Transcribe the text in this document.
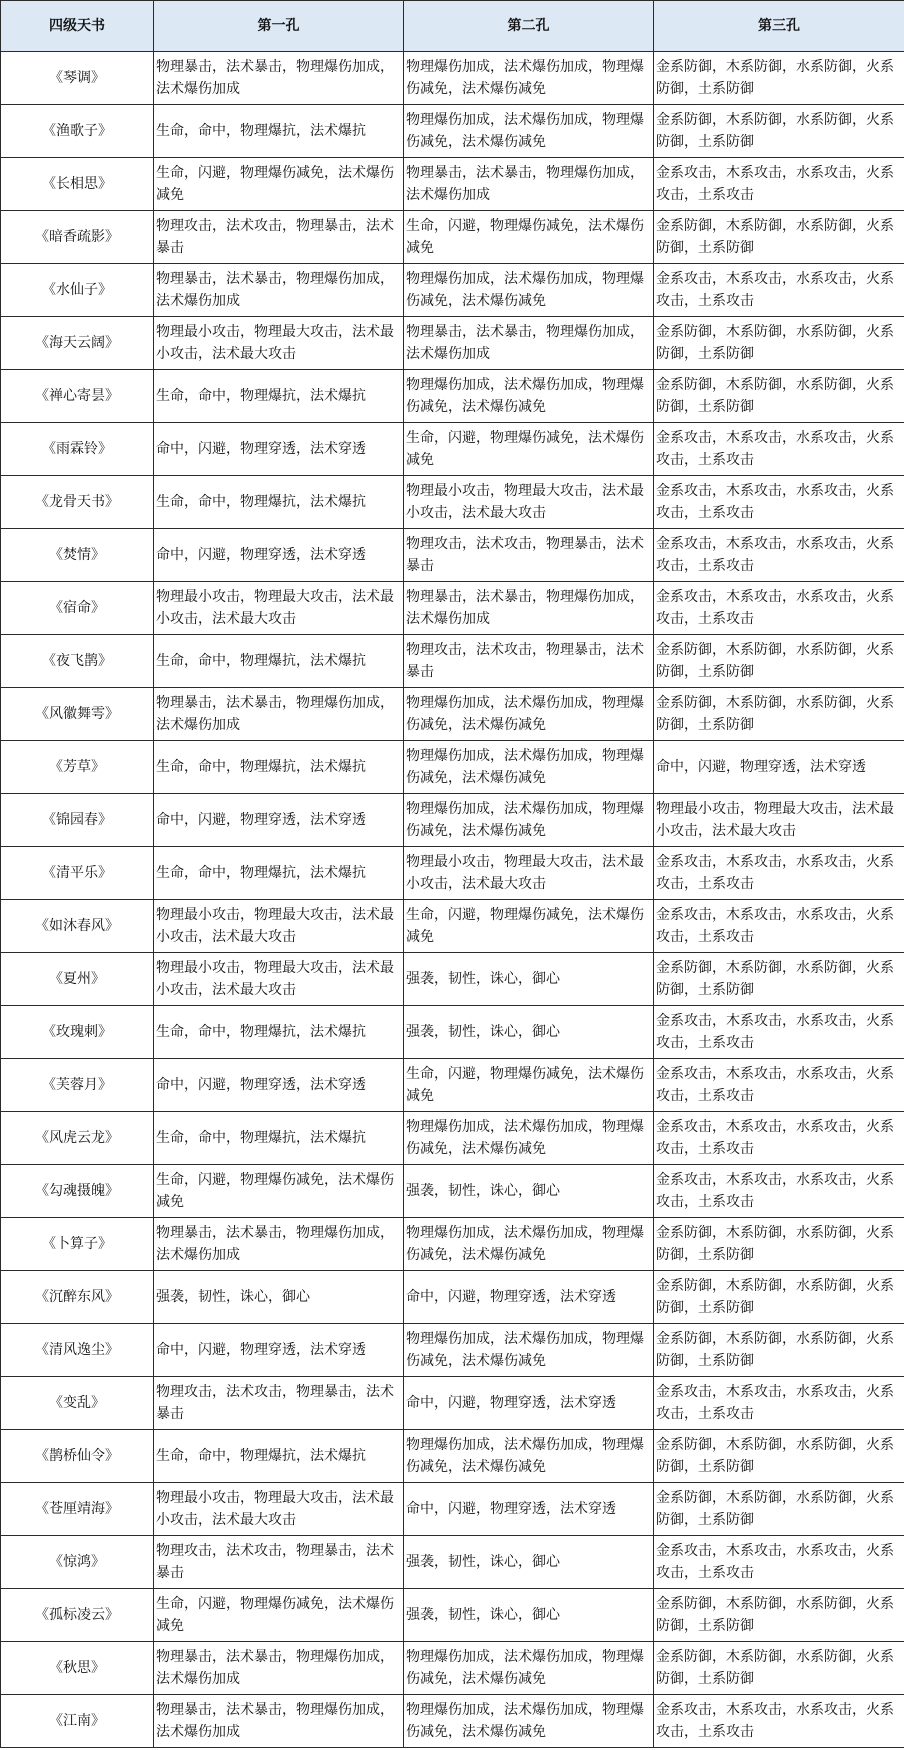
四级天书	第一孔	第二孔	第三孔
《琴调》	物理暴击，法术暴击，物理爆伤加成，法术爆伤加成	物理爆伤加成，法术爆伤加成，物理爆伤减免，法术爆伤减免	金系防御，木系防御，水系防御，火系防御，土系防御
《渔歌子》	生命，命中，物理爆抗，法术爆抗	物理爆伤加成，法术爆伤加成，物理爆伤减免，法术爆伤减免	金系防御，木系防御，水系防御，火系防御，土系防御
《长相思》	生命，闪避，物理爆伤减免，法术爆伤减免	物理暴击，法术暴击，物理爆伤加成，法术爆伤加成	金系攻击，木系攻击，水系攻击，火系攻击，土系攻击
《暗香疏影》	物理攻击，法术攻击，物理暴击，法术暴击	生命，闪避，物理爆伤减免，法术爆伤减免	金系防御，木系防御，水系防御，火系防御，土系防御
《水仙子》	物理暴击，法术暴击，物理爆伤加成，法术爆伤加成	物理爆伤加成，法术爆伤加成，物理爆伤减免，法术爆伤减免	金系攻击，木系攻击，水系攻击，火系攻击，土系攻击
《海天云阔》	物理最小攻击，物理最大攻击，法术最小攻击，法术最大攻击	物理暴击，法术暴击，物理爆伤加成，法术爆伤加成	金系防御，木系防御，水系防御，火系防御，土系防御
《禅心寄昙》	生命，命中，物理爆抗，法术爆抗	物理爆伤加成，法术爆伤加成，物理爆伤减免，法术爆伤减免	金系防御，木系防御，水系防御，火系防御，土系防御
《雨霖铃》	命中，闪避，物理穿透，法术穿透	生命，闪避，物理爆伤减免，法术爆伤减免	金系攻击，木系攻击，水系攻击，火系攻击，土系攻击
《龙骨天书》	生命，命中，物理爆抗，法术爆抗	物理最小攻击，物理最大攻击，法术最小攻击，法术最大攻击	金系攻击，木系攻击，水系攻击，火系攻击，土系攻击
《焚情》	命中，闪避，物理穿透，法术穿透	物理攻击，法术攻击，物理暴击，法术暴击	金系攻击，木系攻击，水系攻击，火系攻击，土系攻击
《宿命》	物理最小攻击，物理最大攻击，法术最小攻击，法术最大攻击	物理暴击，法术暴击，物理爆伤加成，法术爆伤加成	金系攻击，木系攻击，水系攻击，火系攻击，土系攻击
《夜飞鹊》	生命，命中，物理爆抗，法术爆抗	物理攻击，法术攻击，物理暴击，法术暴击	金系防御，木系防御，水系防御，火系防御，土系防御
《风徽舞雩》	物理暴击，法术暴击，物理爆伤加成，法术爆伤加成	物理爆伤加成，法术爆伤加成，物理爆伤减免，法术爆伤减免	金系防御，木系防御，水系防御，火系防御，土系防御
《芳草》	生命，命中，物理爆抗，法术爆抗	物理爆伤加成，法术爆伤加成，物理爆伤减免，法术爆伤减免	命中，闪避，物理穿透，法术穿透
《锦园春》	命中，闪避，物理穿透，法术穿透	物理爆伤加成，法术爆伤加成，物理爆伤减免，法术爆伤减免	物理最小攻击，物理最大攻击，法术最小攻击，法术最大攻击
《清平乐》	生命，命中，物理爆抗，法术爆抗	物理最小攻击，物理最大攻击，法术最小攻击，法术最大攻击	金系攻击，木系攻击，水系攻击，火系攻击，土系攻击
《如沐春风》	物理最小攻击，物理最大攻击，法术最小攻击，法术最大攻击	生命，闪避，物理爆伤减免，法术爆伤减免	金系攻击，木系攻击，水系攻击，火系攻击，土系攻击
《夏州》	物理最小攻击，物理最大攻击，法术最小攻击，法术最大攻击	强袭，韧性，诛心，御心	金系防御，木系防御，水系防御，火系防御，土系防御
《玫瑰刺》	生命，命中，物理爆抗，法术爆抗	强袭，韧性，诛心，御心	金系攻击，木系攻击，水系攻击，火系攻击，土系攻击
《芙蓉月》	命中，闪避，物理穿透，法术穿透	生命，闪避，物理爆伤减免，法术爆伤减免	金系攻击，木系攻击，水系攻击，火系攻击，土系攻击
《风虎云龙》	生命，命中，物理爆抗，法术爆抗	物理爆伤加成，法术爆伤加成，物理爆伤减免，法术爆伤减免	金系攻击，木系攻击，水系攻击，火系攻击，土系攻击
《勾魂摄魄》	生命，闪避，物理爆伤减免，法术爆伤减免	强袭，韧性，诛心，御心	金系攻击，木系攻击，水系攻击，火系攻击，土系攻击
《卜算子》	物理暴击，法术暴击，物理爆伤加成，法术爆伤加成	物理爆伤加成，法术爆伤加成，物理爆伤减免，法术爆伤减免	金系防御，木系防御，水系防御，火系防御，土系防御
《沉醉东风》	强袭，韧性，诛心，御心	命中，闪避，物理穿透，法术穿透	金系防御，木系防御，水系防御，火系防御，土系防御
《清风逸尘》	命中，闪避，物理穿透，法术穿透	物理爆伤加成，法术爆伤加成，物理爆伤减免，法术爆伤减免	金系防御，木系防御，水系防御，火系防御，土系防御
《变乱》	物理攻击，法术攻击，物理暴击，法术暴击	命中，闪避，物理穿透，法术穿透	金系攻击，木系攻击，水系攻击，火系攻击，土系攻击
《鹊桥仙令》	生命，命中，物理爆抗，法术爆抗	物理爆伤加成，法术爆伤加成，物理爆伤减免，法术爆伤减免	金系防御，木系防御，水系防御，火系防御，土系防御
《苍厘靖海》	物理最小攻击，物理最大攻击，法术最小攻击，法术最大攻击	命中，闪避，物理穿透，法术穿透	金系防御，木系防御，水系防御，火系防御，土系防御
《惊鸿》	物理攻击，法术攻击，物理暴击，法术暴击	强袭，韧性，诛心，御心	金系攻击，木系攻击，水系攻击，火系攻击，土系攻击
《孤标凌云》	生命，闪避，物理爆伤减免，法术爆伤减免	强袭，韧性，诛心，御心	金系防御，木系防御，水系防御，火系防御，土系防御
《秋思》	物理暴击，法术暴击，物理爆伤加成，法术爆伤加成	物理爆伤加成，法术爆伤加成，物理爆伤减免，法术爆伤减免	金系防御，木系防御，水系防御，火系防御，土系防御
《江南》	物理暴击，法术暴击，物理爆伤加成，法术爆伤加成	物理爆伤加成，法术爆伤加成，物理爆伤减免，法术爆伤减免	金系攻击，木系攻击，水系攻击，火系攻击，土系攻击
